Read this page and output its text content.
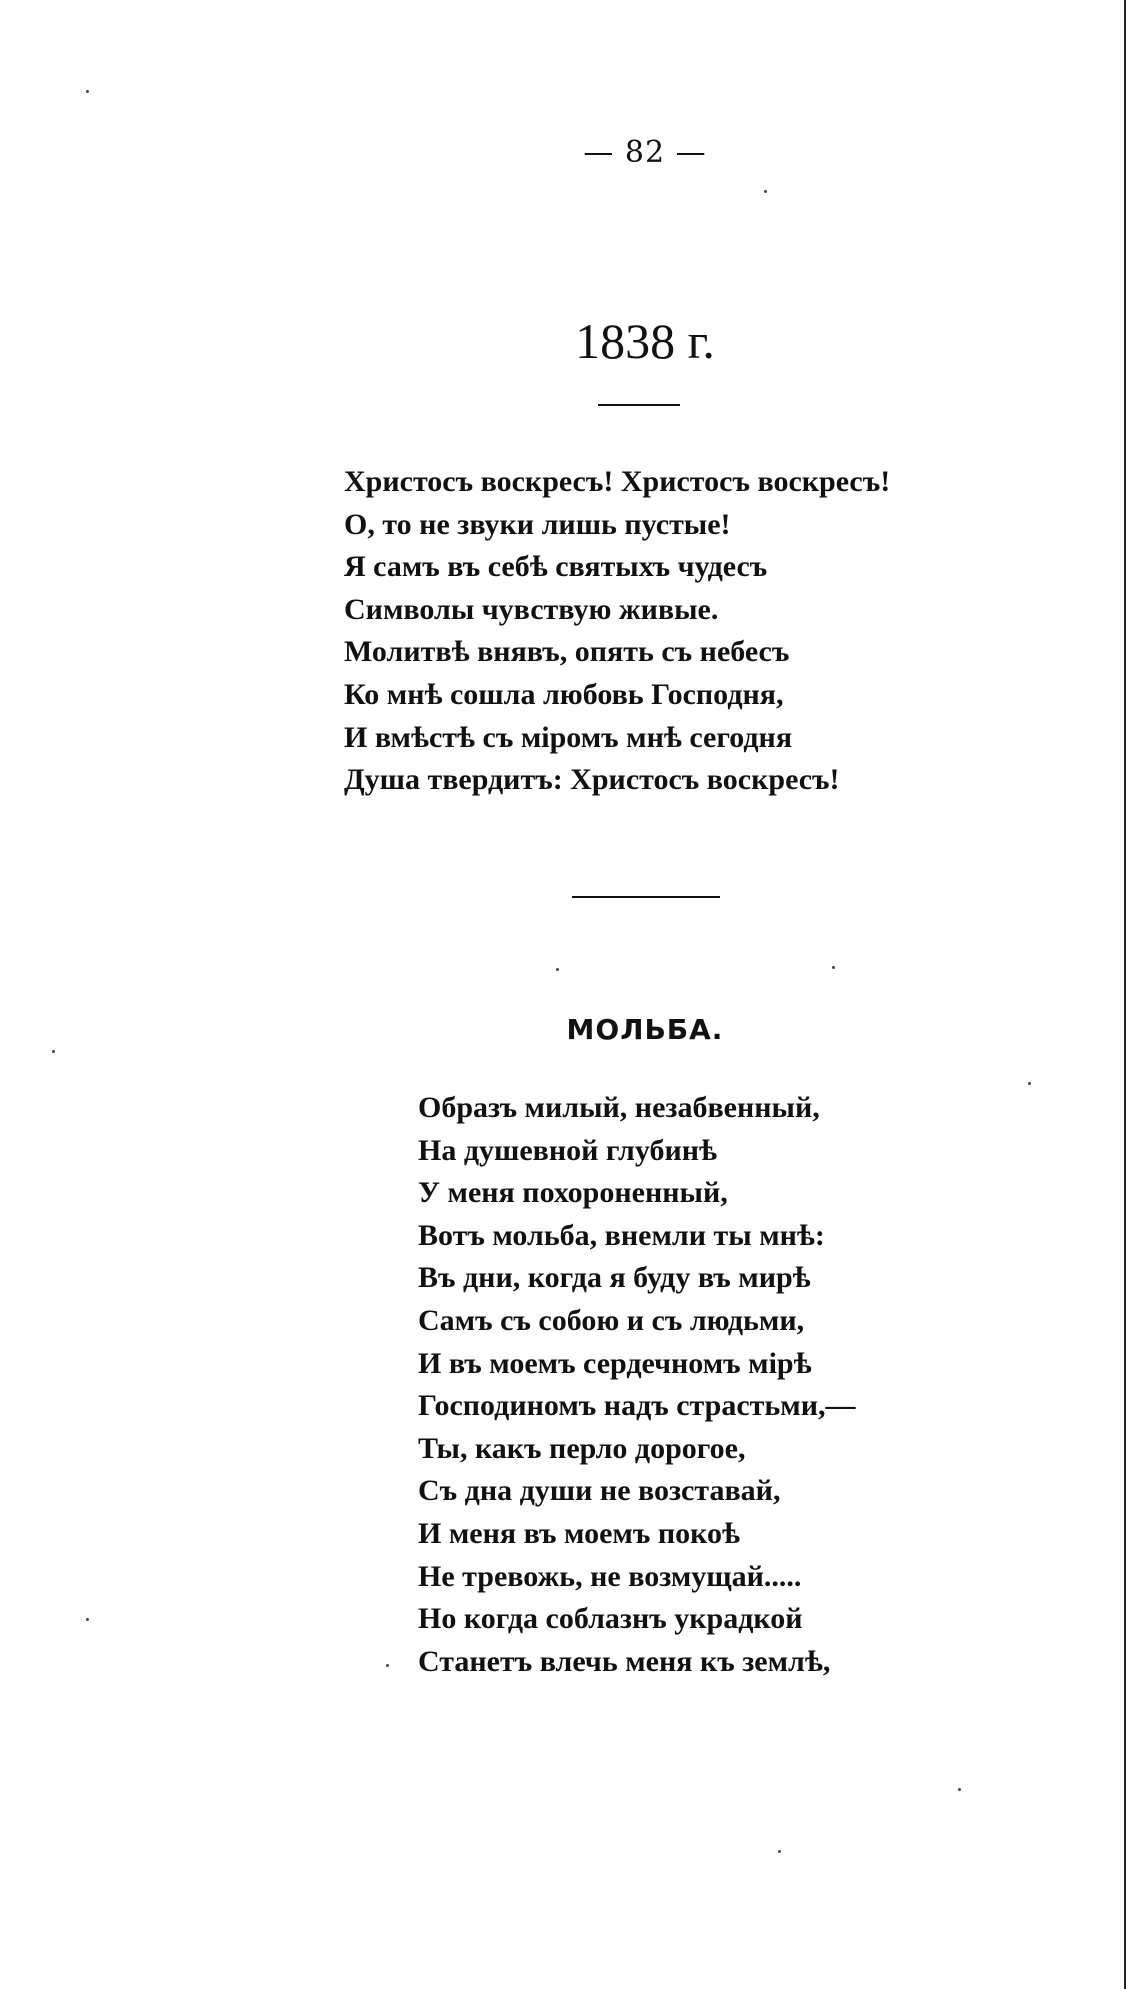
— 82 —
1838 г.
Христосъ воскресъ! Христосъ воскресъ!
О, то не звуки лишь пустые!
Я самъ въ себѣ святыхъ чудесъ
Символы чувствую живые.
Молитвѣ внявъ, опять съ небесъ
Ко мнѣ сошла любовь Господня,
И вмѣстѣ съ міромъ мнѣ сегодня
Душа твердитъ: Христосъ воскресъ!
МОЛЬБА.
Образъ милый, незабвенный,
На душевной глубинѣ
У меня похороненный,
Вотъ мольба, внемли ты мнѣ:
Въ дни, когда я буду въ мирѣ
Самъ съ собою и съ людьми,
И въ моемъ сердечномъ мірѣ
Господиномъ надъ страстьми,—
Ты, какъ перло дорогое,
Съ дна души не возставай,
И меня въ моемъ покоѣ
Не тревожь, не возмущай.....
Но когда соблазнъ украдкой
Станетъ влечь меня къ землѣ,
